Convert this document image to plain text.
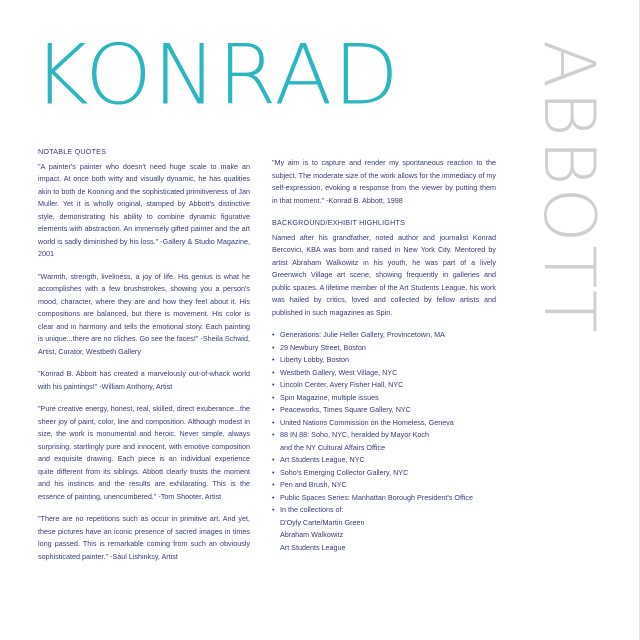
KONRAD ABBOTT
NOTABLE QUOTES

"A painter's painter who doesn't need huge scale to make an impact. At once both witty and visually dynamic, he has qualities akin to both de Kooning and the sophisticated primitiveness of Jan Muller. Yet it is wholly original, stamped by Abbott's distinctive style, demonstrating his ability to combine dynamic figurative elements with abstraction. An immensely gifted painter and the art world is sadly diminished by his loss." -Gallery & Studio Magazine, 2001

"Warmth, strength, liveliness, a joy of life. His genius is what he accomplishes with a few brushstrokes, showing you a person's mood, character, where they are and how they feel about it. His compositions are balanced, but there is movement. His color is clear and in harmony and tells the emotional story. Each painting is unique...there are no cliches. Go see the faces!" -Sheila Schwid, Artist, Curator, Westbeth Gallery

"Konrad B. Abbott has created a marvelously out-of-whack world with his paintings!" -William Anthony, Artist

"Pure creative energy, honest, real, skilled, direct exuberance...the sheer joy of paint, color, line and composition. Although modest in size, the work is monumental and heroic. Never simple, always surprising, startlingly pure and innocent, with emotive composition and exquisite drawing. Each piece is an individual experience quite different from its siblings. Abbott clearly trusts the moment and his instincts and the results are exhilarating. This is the essence of painting, unencumbered." -Tom Shooter, Artist

"There are no repetitions such as occur in primitive art. And yet, these pictures have an iconic presence of sacred images in times long passed. This is remarkable coming from such an obviously sophisticated painter." -Saul Lishinksy, Artist

"My aim is to capture and render my spontaneous reaction to the subject. The moderate size of the work allows for the immediacy of my self-expression, evoking a response from the viewer by putting them in that moment." -Konrad B. Abbott, 1998

BACKGROUND/EXHIBIT HIGHLIGHTS

Named after his grandfather, noted author and journalist Konrad Bercovici, KBA was born and raised in New York City. Mentored by artist Abraham Walkowitz in his youth, he was part of a lively Greenwich Village art scene, showing frequently in galleries and public spaces. A lifetime member of the Art Students League, his work was hailed by critics, loved and collected by fellow artists and published in such magazines as Spin.

• Generations: Julie Heller Gallery, Provincetown, MA
• 29 Newbury Street, Boston
• Liberty Lobby, Boston
• Westbeth Gallery, West Village, NYC
• Lincoln Center, Avery Fisher Hall, NYC
• Spin Magazine, multiple issues
• Peaceworks, Times Square Gallery, NYC
• United Nations Commission on the Homeless, Geneva
• 88 IN 88: Soho, NYC, heralded by Mayor Koch
and the NY Cultural Affairs Office
• Art Students League, NYC
• Soho's Emerging Collector Gallery, NYC
• Pen and Brush, NYC
• Public Spaces Series: Manhattan Borough President's Office
• In the collections of:
D'Oyly Carte/Martin Green
Abraham Walkowitz
Art Students League
